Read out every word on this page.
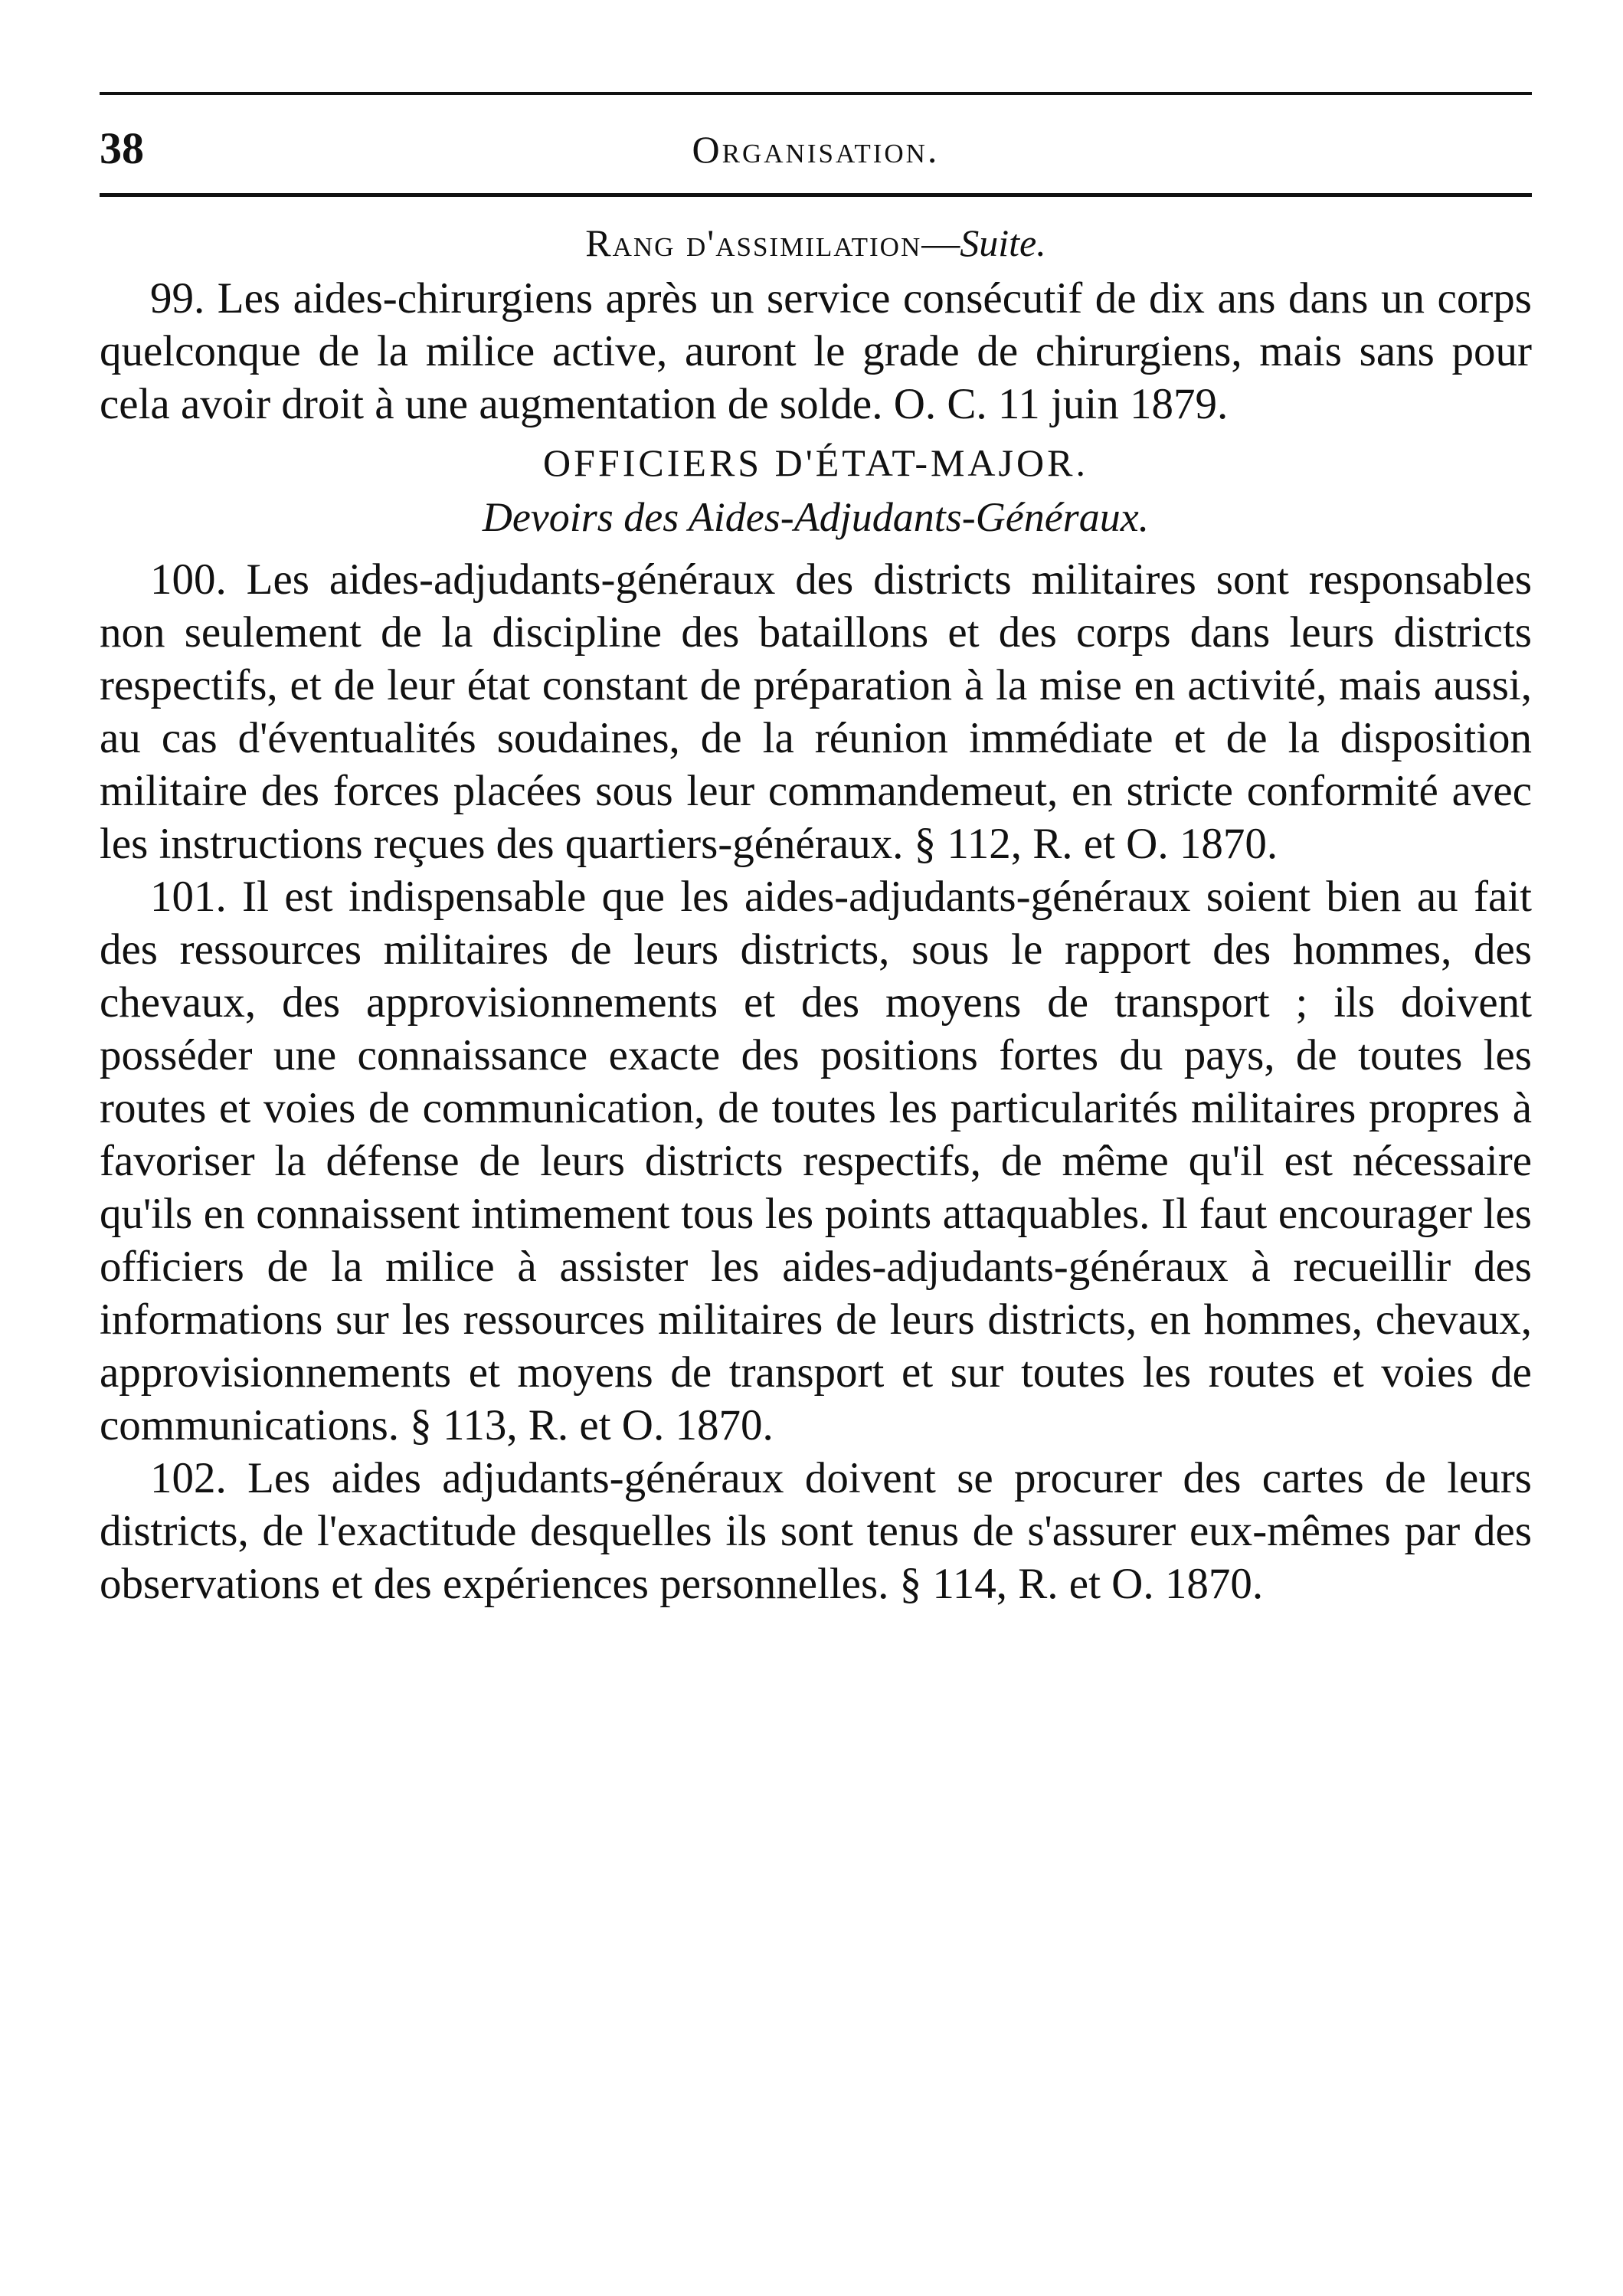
38	Organisation.
Rang d'assimilation—Suite.

99. Les aides-chirurgiens après un service consécutif de dix ans dans un corps quelconque de la milice active, auront le grade de chirurgiens, mais sans pour cela avoir droit à une augmentation de solde. O. C. 11 juin 1879.

OFFICIERS D'ÉTAT-MAJOR.
Devoirs des Aides-Adjudants-Généraux.

100. Les aides-adjudants-généraux des districts militaires sont responsables non seulement de la discipline des bataillons et des corps dans leurs districts respectifs, et de leur état constant de préparation à la mise en activité, mais aussi, au cas d'éventualités soudaines, de la réunion immédiate et de la disposition militaire des forces placées sous leur commandemeut, en stricte conformité avec les instructions reçues des quartiers-généraux. § 112, R. et O. 1870.

101. Il est indispensable que les aides-adjudants-généraux soient bien au fait des ressources militaires de leurs districts, sous le rapport des hommes, des chevaux, des approvisionnements et des moyens de transport ; ils doivent posséder une connaissance exacte des positions fortes du pays, de toutes les routes et voies de communication, de toutes les particularités militaires propres à favoriser la défense de leurs districts respectifs, de même qu'il est nécessaire qu'ils en connaissent intimement tous les points attaquables. Il faut encourager les officiers de la milice à assister les aides-adjudants-généraux à recueillir des informations sur les ressources militaires de leurs districts, en hommes, chevaux, approvisionnements et moyens de transport et sur toutes les routes et voies de communications. § 113, R. et O. 1870.

102. Les aides adjudants-généraux doivent se procurer des cartes de leurs districts, de l'exactitude desquelles ils sont tenus de s'assurer eux-mêmes par des observations et des expériences personnelles. § 114, R. et O. 1870.
